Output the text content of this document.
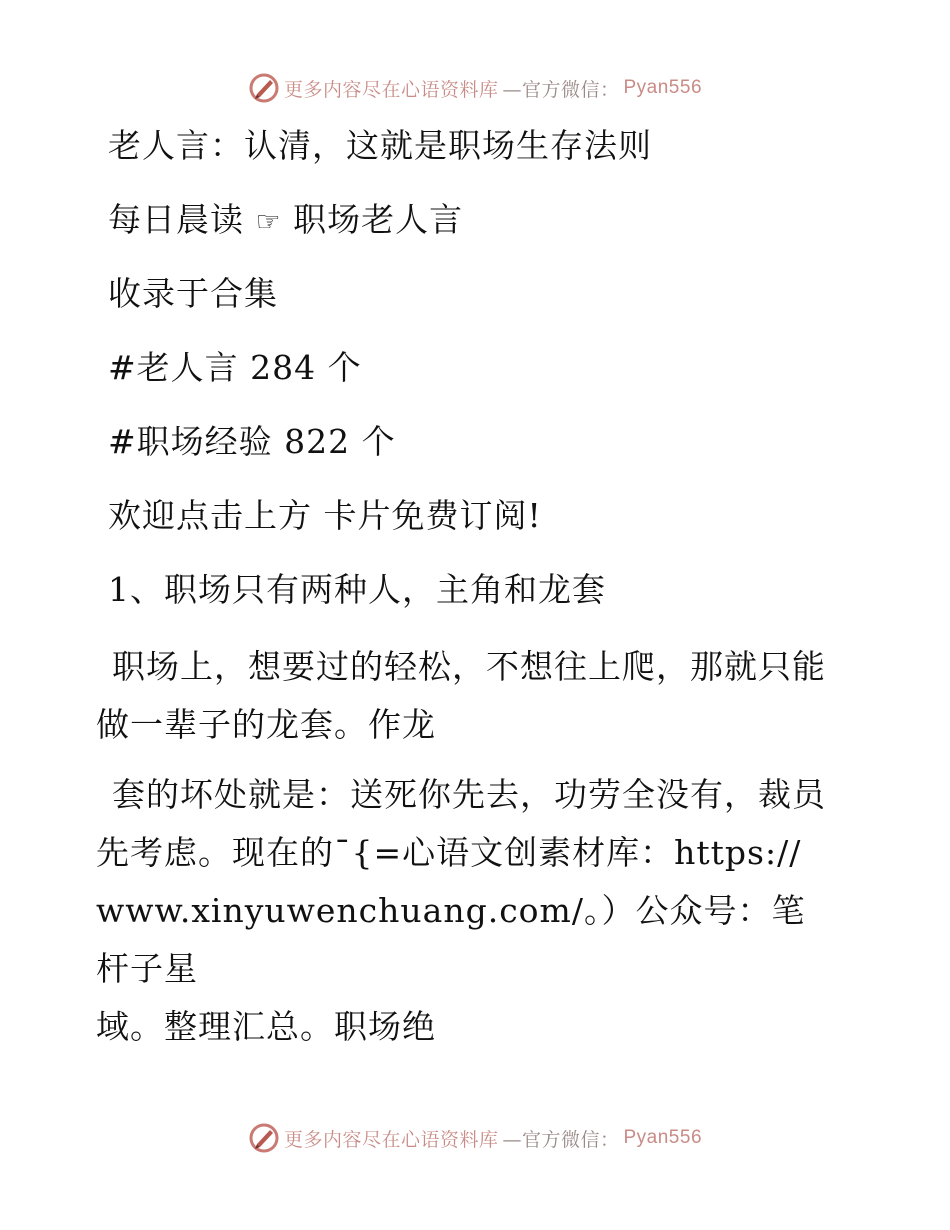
更多内容尽在心语资料库 —官方微信： Pyan556
老人言：认清，这就是职场生存法则
每日晨读 ☞ 职场老人言
收录于合集
#老人言 284 个
#职场经验 822 个
欢迎点击上方 卡片免费订阅!
1、职场只有两种人，主角和龙套
职场上，想要过的轻松，不想往上爬，那就只能
做一辈子的龙套。作龙
套的坏处就是：送死你先去，功劳全没有，裁员
先考虑。现在的¯{=心语文创素材库：https://
www.xinyuwenchuang.com/。）公众号：笔杆子星
域。整理汇总。职场绝
更多内容尽在心语资料库 —官方微信： Pyan556
